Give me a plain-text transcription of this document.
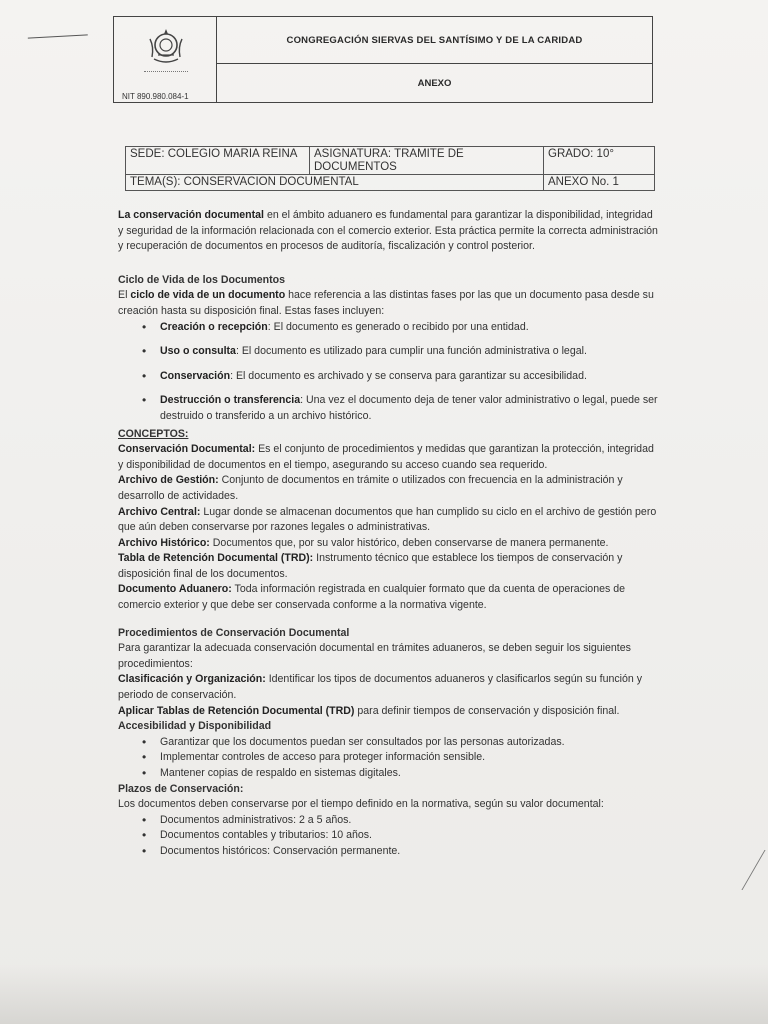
NIT 890.980.084-1
CONGREGACIÓN SIERVAS DEL SANTÍSIMO Y DE LA CARIDAD
ANEXO
SEDE: COLEGIO MARIA REINA	ASIGNATURA: TRAMITE DE DOCUMENTOS	GRADO: 10°
TEMA(S): CONSERVACION DOCUMENTAL		ANEXO No. 1

La conservación documental en el ámbito aduanero es fundamental para garantizar la disponibilidad, integridad y seguridad de la información relacionada con el comercio exterior. Esta práctica permite la correcta administración y recuperación de documentos en procesos de auditoría, fiscalización y control posterior.

Ciclo de Vida de los Documentos

El ciclo de vida de un documento hace referencia a las distintas fases por las que un documento pasa desde su creación hasta su disposición final. Estas fases incluyen:

• Creación o recepción: El documento es generado o recibido por una entidad.
• Uso o consulta: El documento es utilizado para cumplir una función administrativa o legal.
• Conservación: El documento es archivado y se conserva para garantizar su accesibilidad.
• Destrucción o transferencia: Una vez el documento deja de tener valor administrativo o legal, puede ser destruido o transferido a un archivo histórico.

CONCEPTOS:

Conservación Documental: Es el conjunto de procedimientos y medidas que garantizan la protección, integridad y disponibilidad de documentos en el tiempo, asegurando su acceso cuando sea requerido.

Archivo de Gestión: Conjunto de documentos en trámite o utilizados con frecuencia en la administración y desarrollo de actividades.

Archivo Central: Lugar donde se almacenan documentos que han cumplido su ciclo en el archivo de gestión pero que aún deben conservarse por razones legales o administrativas.

Archivo Histórico: Documentos que, por su valor histórico, deben conservarse de manera permanente.

Tabla de Retención Documental (TRD): Instrumento técnico que establece los tiempos de conservación y disposición final de los documentos.

Documento Aduanero: Toda información registrada en cualquier formato que da cuenta de operaciones de comercio exterior y que debe ser conservada conforme a la normativa vigente.

Procedimientos de Conservación Documental

Para garantizar la adecuada conservación documental en trámites aduaneros, se deben seguir los siguientes procedimientos:

Clasificación y Organización: Identificar los tipos de documentos aduaneros y clasificarlos según su función y periodo de conservación.

Aplicar Tablas de Retención Documental (TRD) para definir tiempos de conservación y disposición final.

Accesibilidad y Disponibilidad

• Garantizar que los documentos puedan ser consultados por las personas autorizadas.
• Implementar controles de acceso para proteger información sensible.
• Mantener copias de respaldo en sistemas digitales.

Plazos de Conservación:

Los documentos deben conservarse por el tiempo definido en la normativa, según su valor documental:

• Documentos administrativos: 2 a 5 años.
• Documentos contables y tributarios: 10 años.
• Documentos históricos: Conservación permanente.
